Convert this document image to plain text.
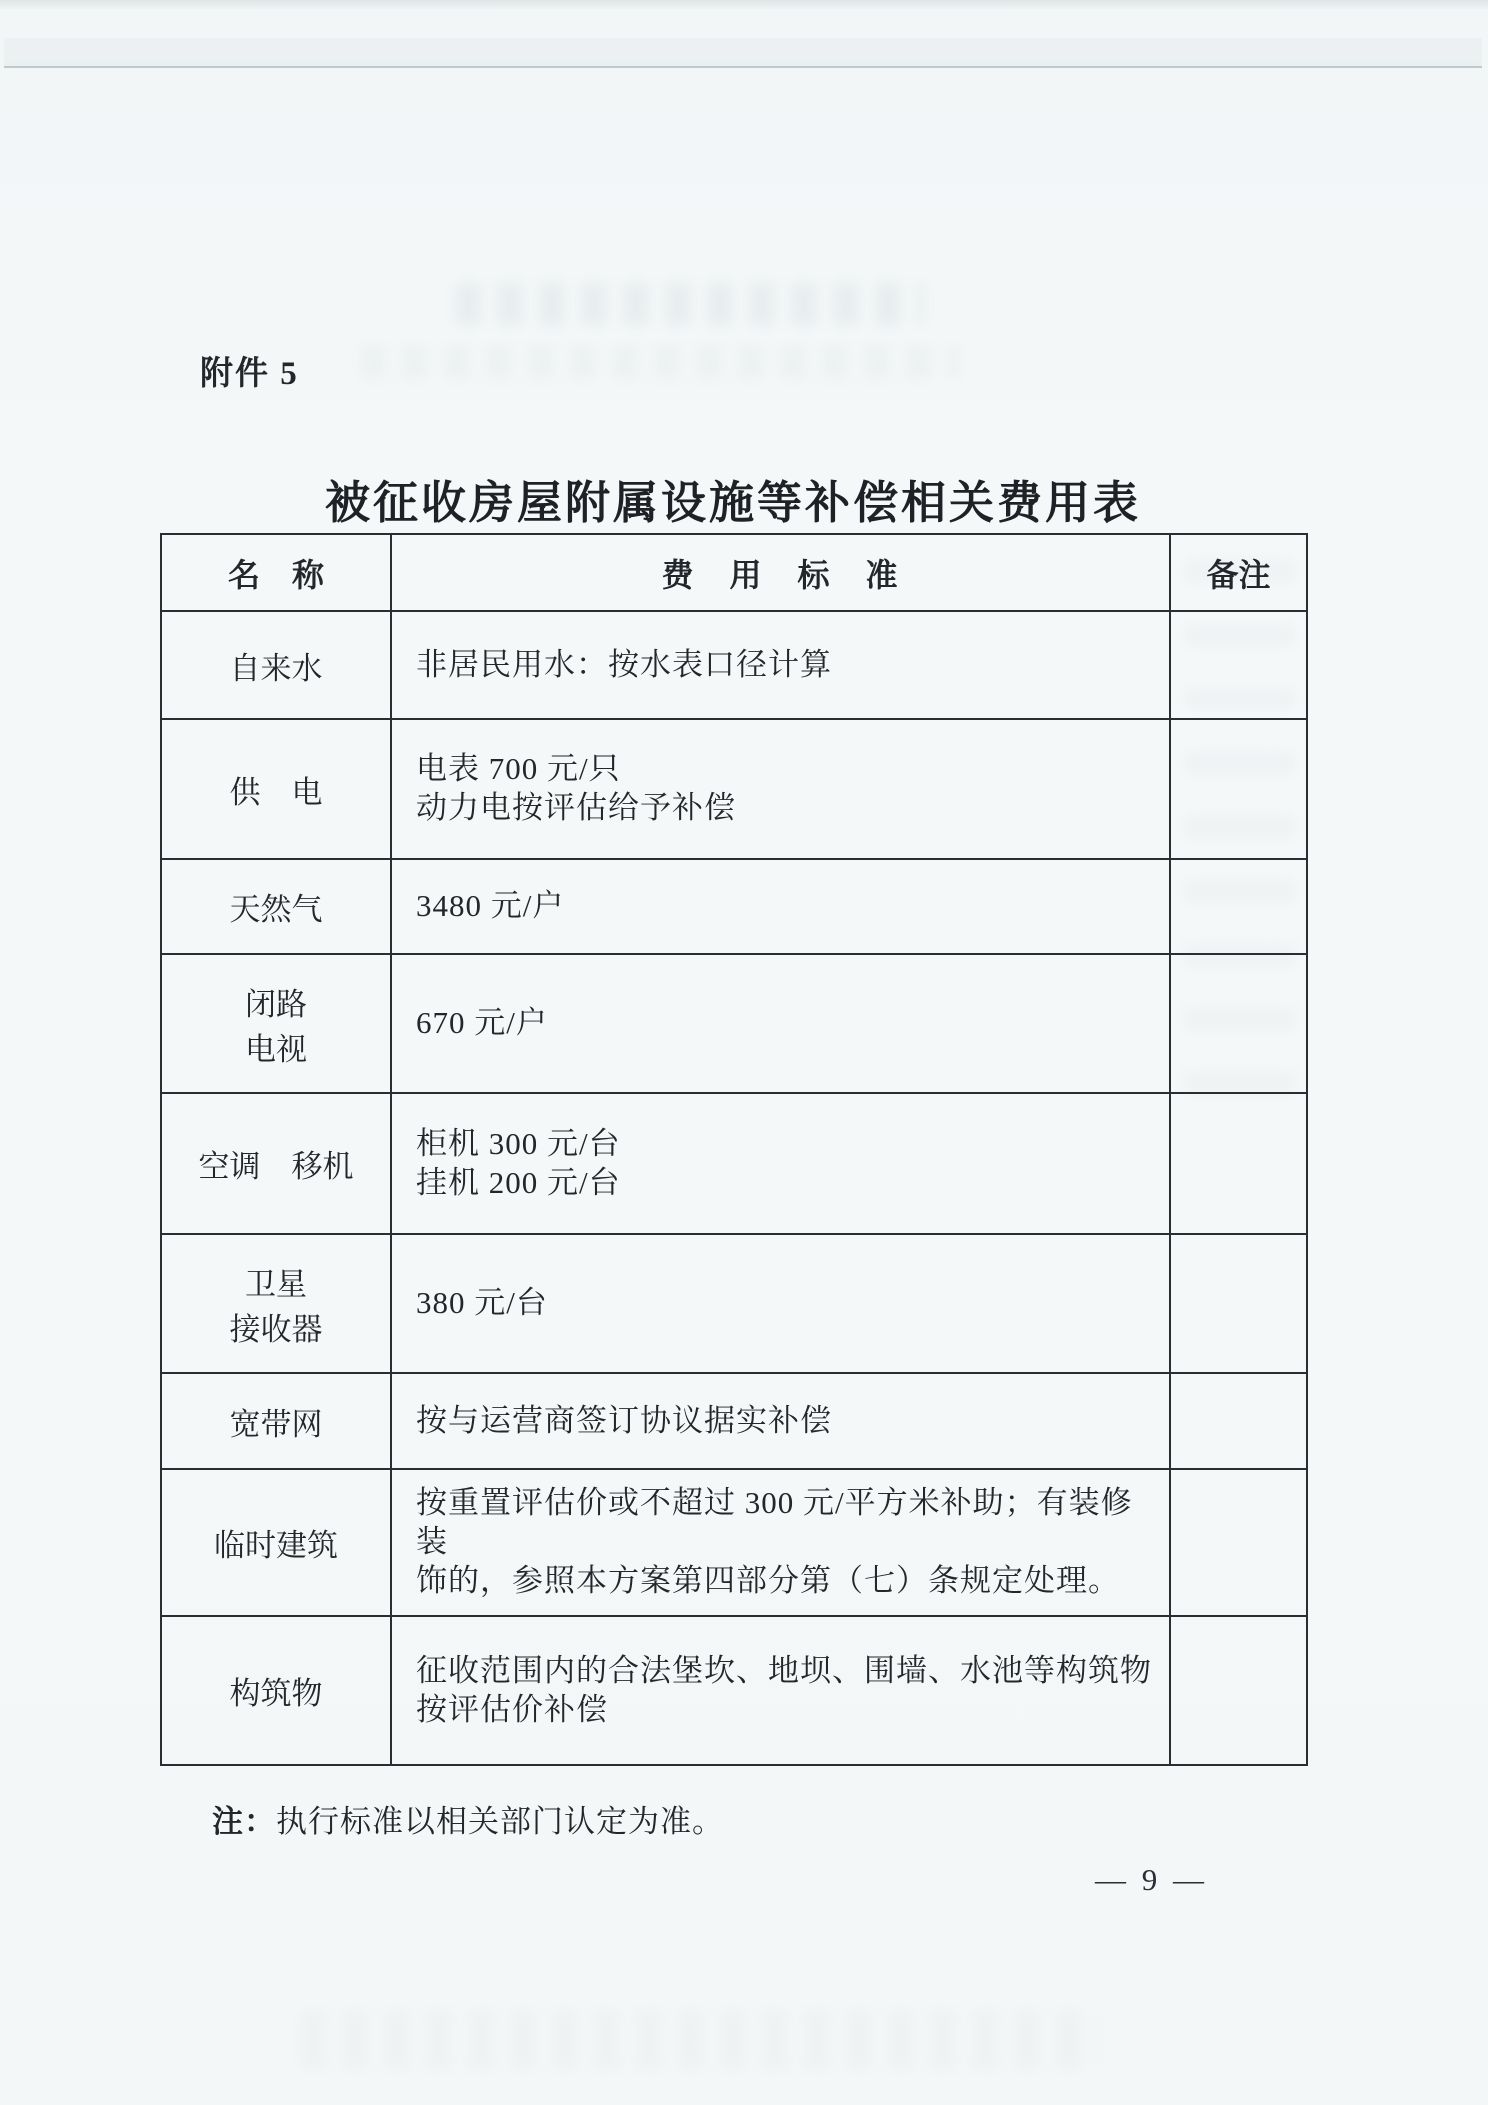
附件 5
被征收房屋附属设施等补偿相关费用表
名　称	费　用　标　准	备注

自来水	非居民用水：按水表口径计算	

供　电	电表 700 元/只
动力电按评估给予补偿	

天然气	3480 元/户	

闭路
电视	670 元/户	

空调　移机	柜机 300 元/台
挂机 200 元/台	

卫星
接收器	380 元/台	

宽带网	按与运营商签订协议据实补偿	

临时建筑	按重置评估价或不超过 300 元/平方米补助；有装修装
饰的，参照本方案第四部分第（七）条规定处理。	

构筑物	征收范围内的合法堡坎、地坝、围墙、水池等构筑物
按评估价补偿	

注：执行标准以相关部门认定为准。
— 9 —
